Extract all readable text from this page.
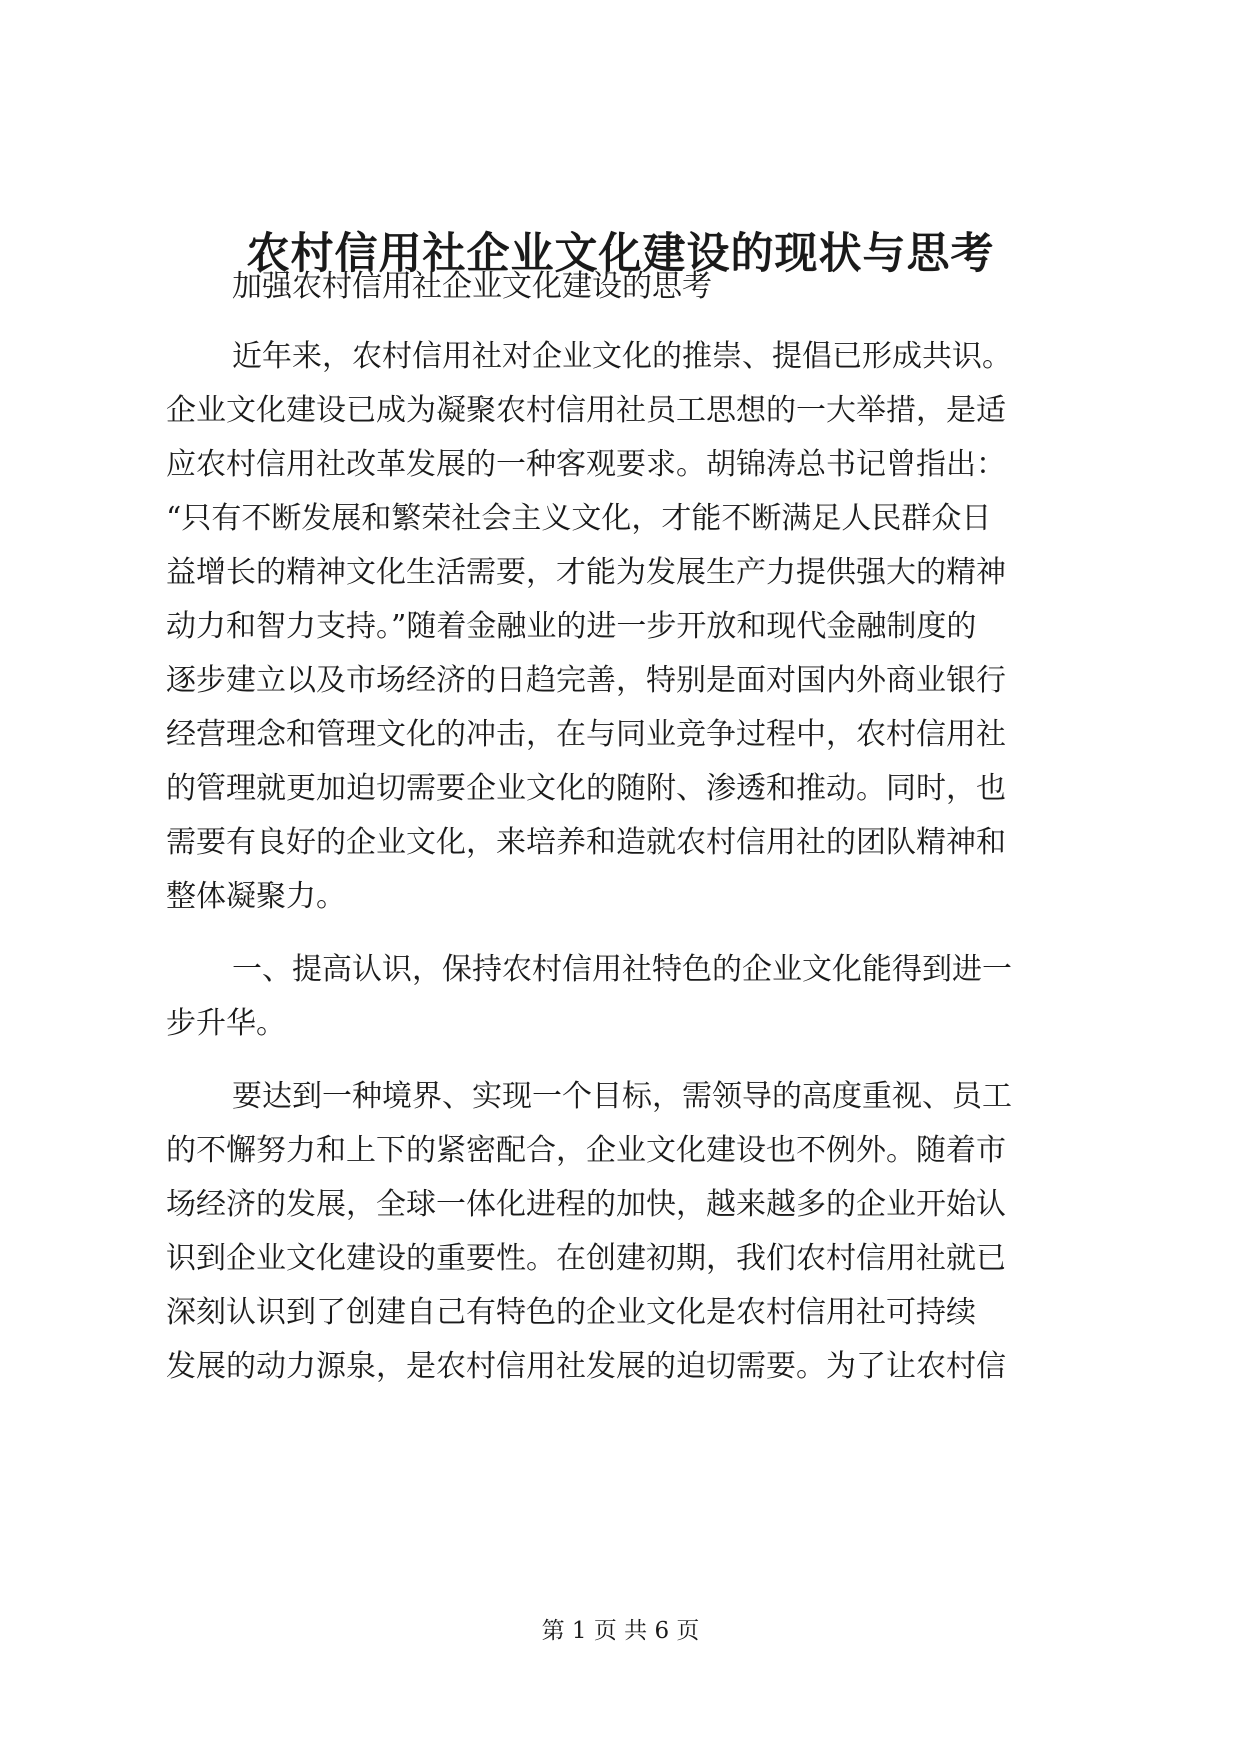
农村信用社企业文化建设的现状与思考

加强农村信用社企业文化建设的思考

近年来，农村信用社对企业文化的推崇、提倡已形成共识。

企业文化建设已成为凝聚农村信用社员工思想的一大举措，是适

应农村信用社改革发展的一种客观要求。胡锦涛总书记曾指出：

“只有不断发展和繁荣社会主义文化，才能不断满足人民群众日

益增长的精神文化生活需要，才能为发展生产力提供强大的精神

动力和智力支持。”随着金融业的进一步开放和现代金融制度的

逐步建立以及市场经济的日趋完善，特别是面对国内外商业银行

经营理念和管理文化的冲击，在与同业竞争过程中，农村信用社

的管理就更加迫切需要企业文化的随附、渗透和推动。同时，也

需要有良好的企业文化，来培养和造就农村信用社的团队精神和

整体凝聚力。

一、提高认识，保持农村信用社特色的企业文化能得到进一

步升华。

要达到一种境界、实现一个目标，需领导的高度重视、员工

的不懈努力和上下的紧密配合，企业文化建设也不例外。随着市

场经济的发展，全球一体化进程的加快，越来越多的企业开始认

识到企业文化建设的重要性。在创建初期，我们农村信用社就已

深刻认识到了创建自己有特色的企业文化是农村信用社可持续

发展的动力源泉，是农村信用社发展的迫切需要。为了让农村信

第 1 页 共 6 页
